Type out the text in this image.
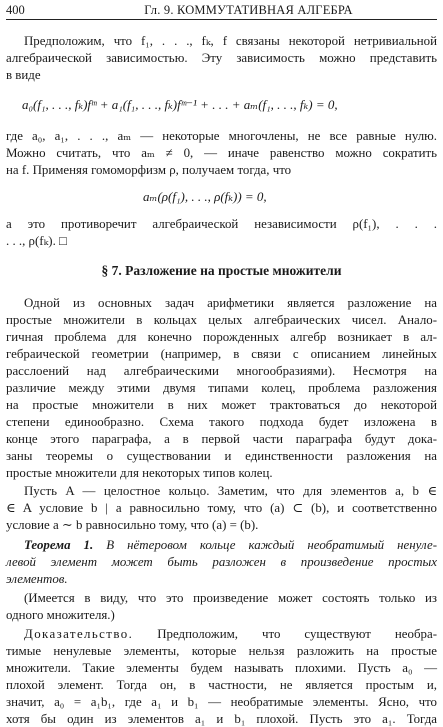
400	Гл. 9. КОММУТАТИВНАЯ АЛГЕБРА
Предположим, что f₁, . . ., fₖ, f связаны некоторой нетривиальной
алгебраической зависимостью. Эту зависимость можно представить
в виде
a₀(f₁, . . ., fₖ)fᵐ + a₁(f₁, . . ., fₖ)fᵐ⁻¹ + . . . + aₘ(f₁, . . ., fₖ) = 0,
где a₀, a₁, . . ., aₘ — некоторые многочлены, не все равные нулю.
Можно считать, что aₘ ≠ 0, — иначе равенство можно сократить
на f. Применяя гомоморфизм ρ, получаем тогда, что
aₘ(ρ(f₁), . . ., ρ(fₖ)) = 0,
а это противоречит алгебраической независимости ρ(f₁), . . .
. . ., ρ(fₖ). □
§ 7. Разложение на простые множители
Одной из основных задач арифметики является разложение на
простые множители в кольцах целых алгебраических чисел. Анало-
гичная проблема для конечно порожденных алгебр возникает в ал-
гебраической геометрии (например, в связи с описанием линейных
расслоений над алгебраическими многообразиями). Несмотря на
различие между этими двумя типами колец, проблема разложения
на простые множители в них может трактоваться до некоторой
степени единообразно. Схема такого подхода будет изложена в
конце этого параграфа, а в первой части параграфа будут дока-
заны теоремы о существовании и единственности разложения на
простые множители для некоторых типов колец.
Пусть A — целостное кольцо. Заметим, что для элементов a, b ∈
∈ A условие b | a равносильно тому, что (a) ⊂ (b), и соответственно
условие a ∼ b равносильно тому, что (a) = (b).
Теорема 1. В нётеровом кольце каждый необратимый ненуле-
левой элемент может быть разложен в произведение простых
элементов.
(Имеется в виду, что это произведение может состоять только из
одного множителя.)
Доказательство. Предположим, что существуют необра-
тимые ненулевые элементы, которые нельзя разложить на простые
множители. Такие элементы будем называть плохими. Пусть a₀ —
плохой элемент. Тогда он, в частности, не является простым и,
значит, a₀ = a₁b₁, где a₁ и b₁ — необратимые элементы. Ясно, что
хотя бы один из элементов a₁ и b₁ плохой. Пусть это a₁. Тогда
